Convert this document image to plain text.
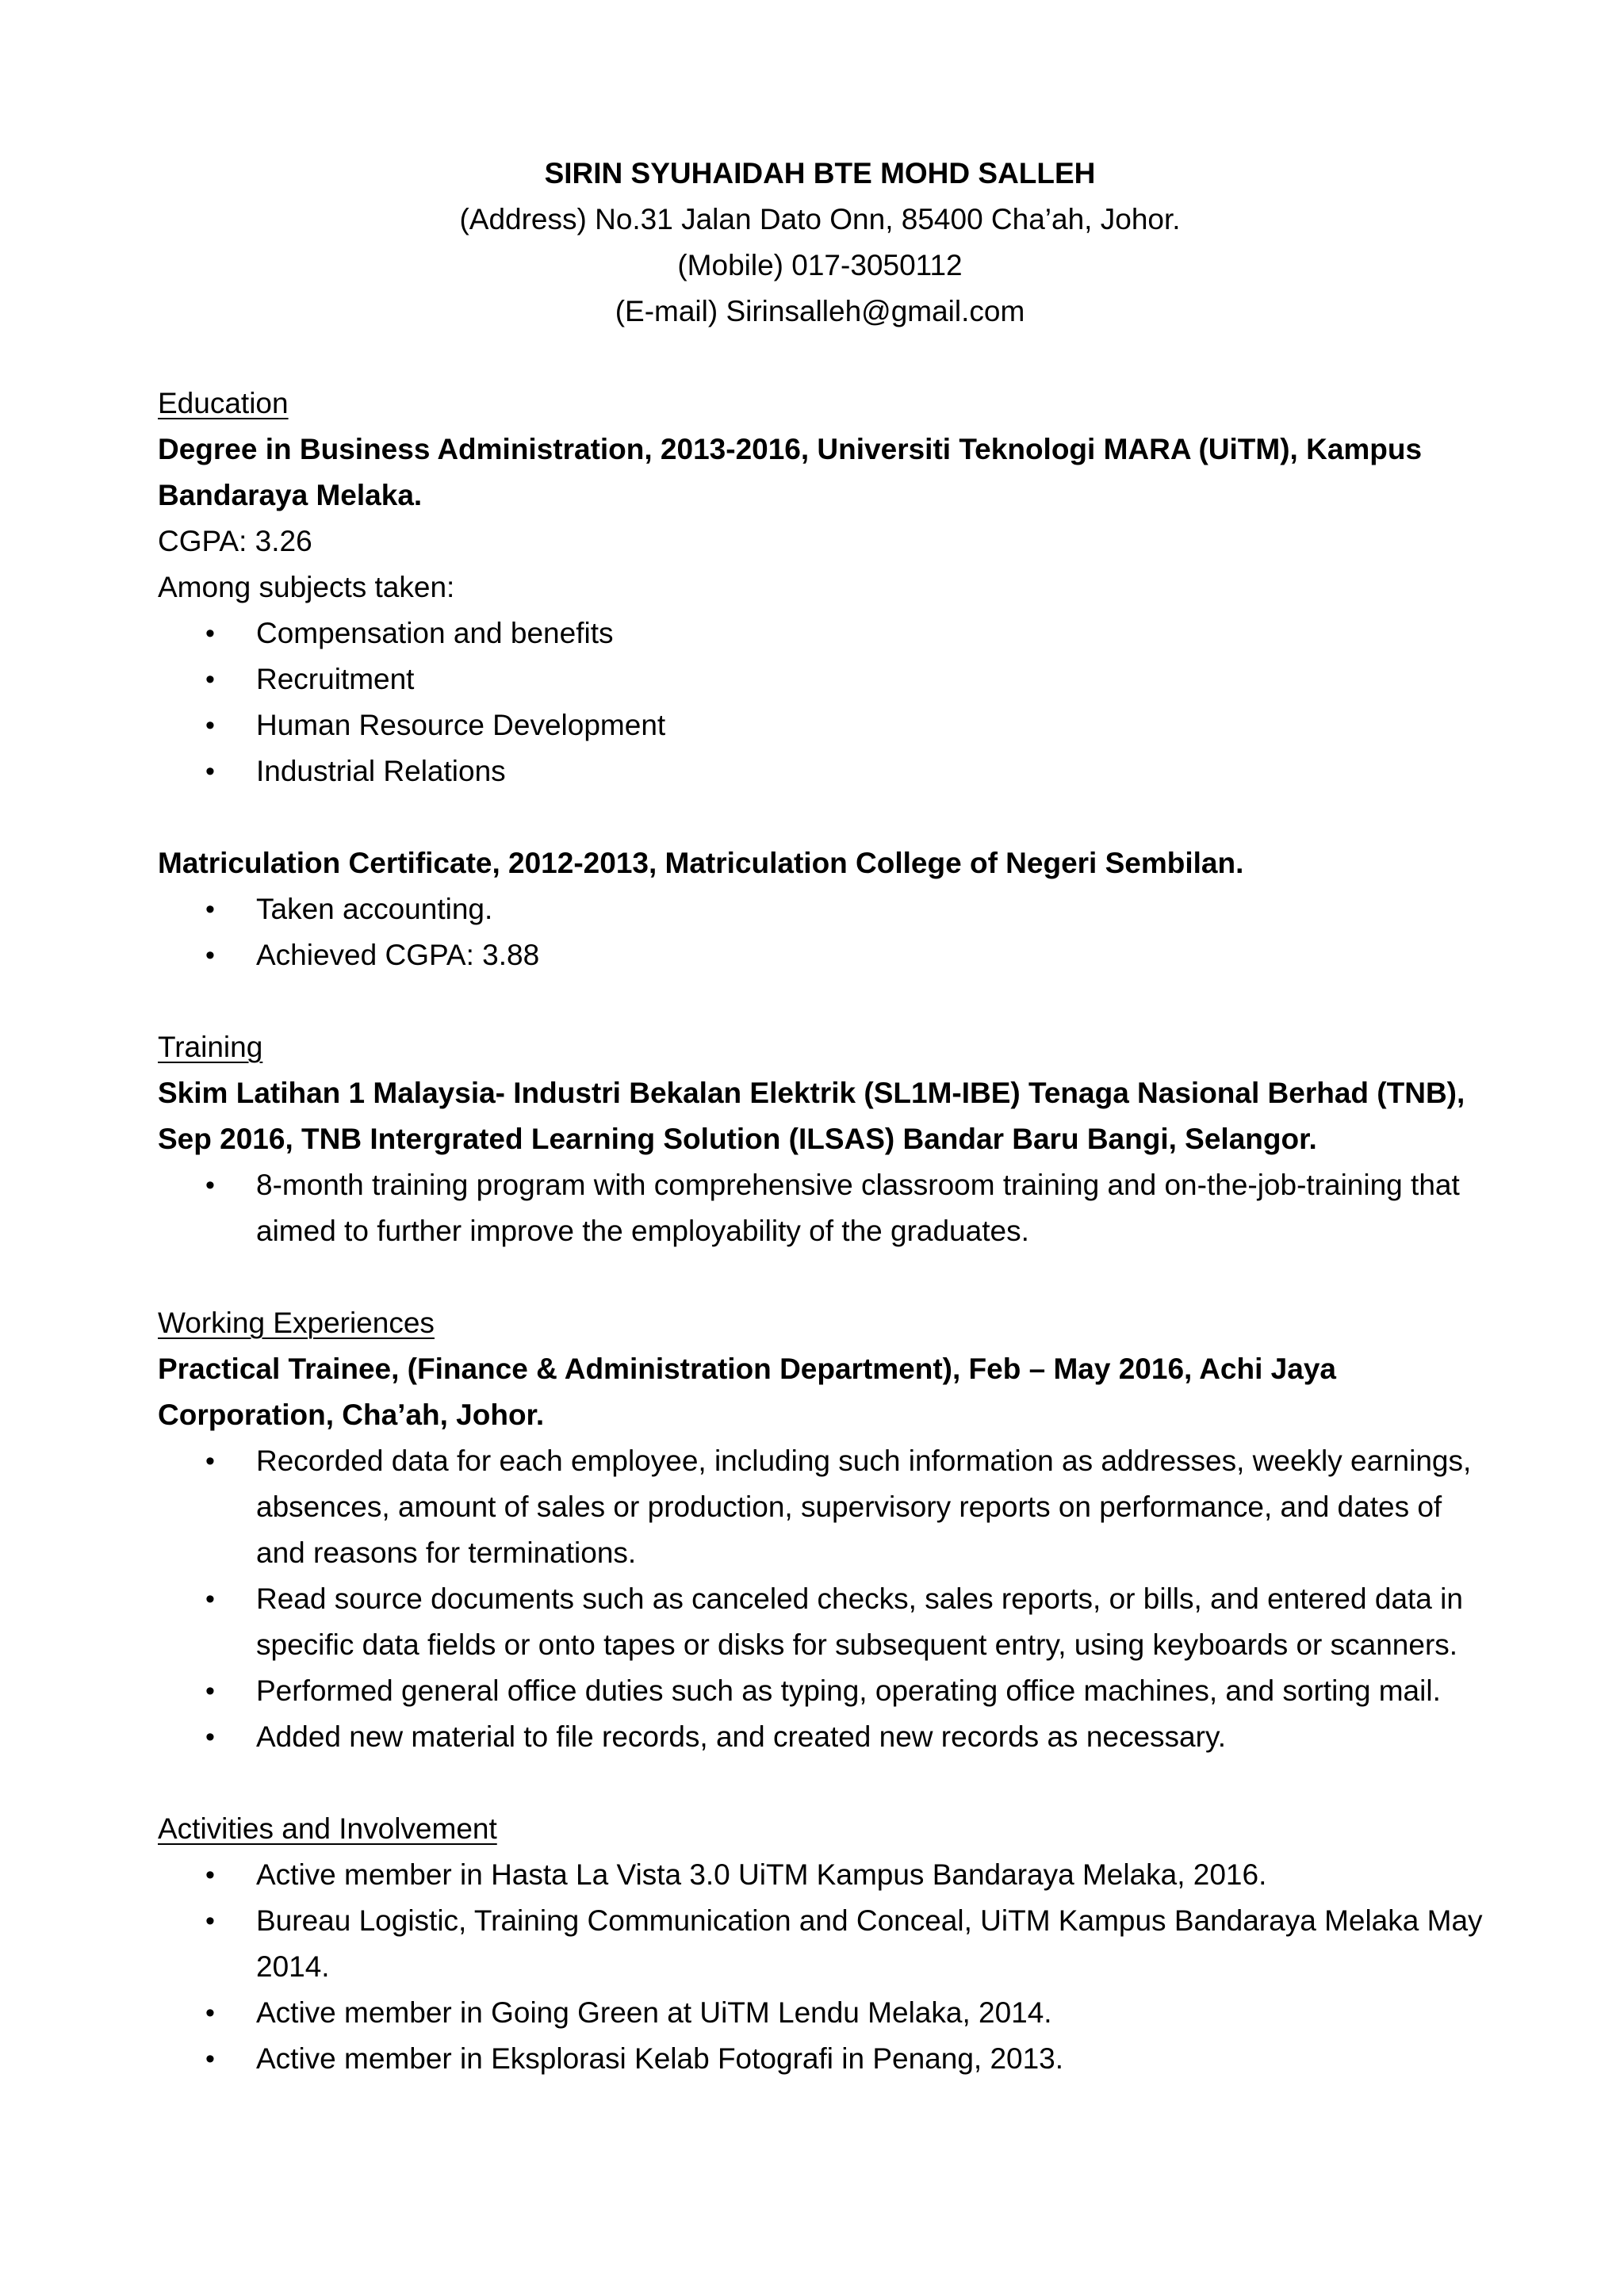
SIRIN SYUHAIDAH BTE MOHD SALLEH
(Address) No.31 Jalan Dato Onn, 85400 Cha’ah, Johor.
(Mobile) 017-3050112
(E-mail) Sirinsalleh@gmail.com
Education
Degree in Business Administration, 2013-2016, Universiti Teknologi MARA (UiTM), Kampus Bandaraya Melaka.
CGPA: 3.26
Among subjects taken:
• Compensation and benefits
• Recruitment
• Human Resource Development
• Industrial Relations
Matriculation Certificate, 2012-2013, Matriculation College of Negeri Sembilan.
• Taken accounting.
• Achieved CGPA: 3.88
Training
Skim Latihan 1 Malaysia- Industri Bekalan Elektrik (SL1M-IBE) Tenaga Nasional Berhad (TNB), Sep 2016, TNB Intergrated Learning Solution (ILSAS) Bandar Baru Bangi, Selangor.
• 8-month training program with comprehensive classroom training and on-the-job-training that aimed to further improve the employability of the graduates.
Working Experiences
Practical Trainee, (Finance & Administration Department), Feb – May 2016, Achi Jaya Corporation, Cha’ah, Johor.
• Recorded data for each employee, including such information as addresses, weekly earnings, absences, amount of sales or production, supervisory reports on performance, and dates of and reasons for terminations.
• Read source documents such as canceled checks, sales reports, or bills, and entered data in specific data fields or onto tapes or disks for subsequent entry, using keyboards or scanners.
• Performed general office duties such as typing, operating office machines, and sorting mail.
• Added new material to file records, and created new records as necessary.
Activities and Involvement
• Active member in Hasta La Vista 3.0 UiTM Kampus Bandaraya Melaka, 2016.
• Bureau Logistic, Training Communication and Conceal, UiTM Kampus Bandaraya Melaka May 2014.
• Active member in Going Green at UiTM Lendu Melaka, 2014.
• Active member in Eksplorasi Kelab Fotografi in Penang, 2013.
